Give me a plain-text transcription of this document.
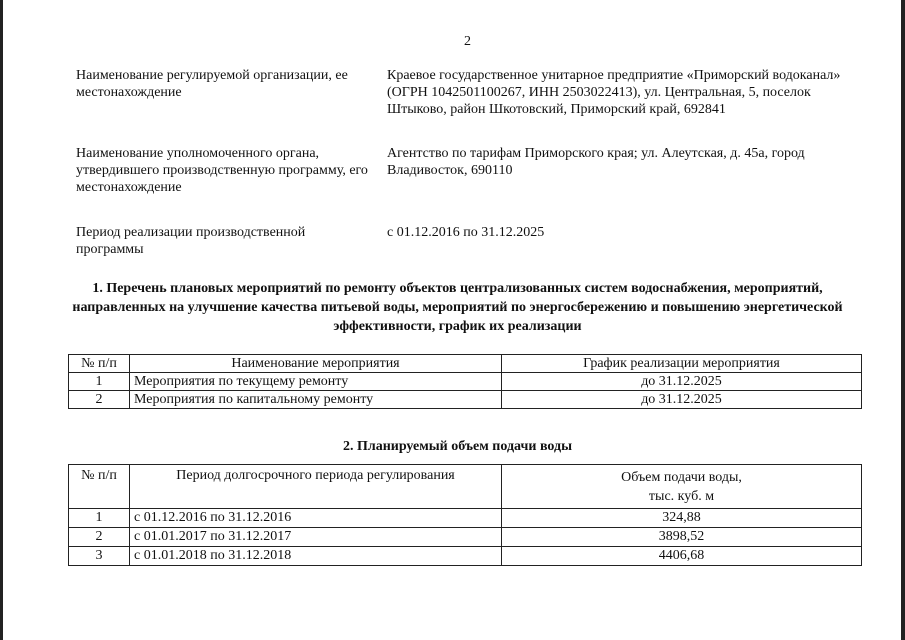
2
Наименование регулируемой организации, ее местонахождение
Краевое государственное унитарное предприятие «Приморский водоканал» (ОГРН 1042501100267, ИНН 2503022413), ул. Центральная, 5, поселок Штыково, район Шкотовский, Приморский край, 692841
Наименование уполномоченного органа, утвердившего производственную программу, его местонахождение
Агентство по тарифам Приморского края; ул. Алеутская, д. 45а, город Владивосток, 690110
Период реализации производственной программы
с 01.12.2016 по 31.12.2025
1. Перечень плановых мероприятий по ремонту объектов централизованных систем водоснабжения, мероприятий, направленных на улучшение качества питьевой воды, мероприятий по энергосбережению и повышению энергетической эффективности, график их реализации
№ п/п	Наименование мероприятия	График реализации мероприятия
1	Мероприятия по текущему ремонту	до 31.12.2025
2	Мероприятия по капитальному ремонту	до 31.12.2025
2. Планируемый объем подачи воды
№ п/п	Период долгосрочного периода регулирования	Объем подачи воды,
тыс. куб. м

1	с 01.12.2016 по 31.12.2016	324,88
2	с 01.01.2017 по 31.12.2017	3898,52
3	с 01.01.2018 по 31.12.2018	4406,68
